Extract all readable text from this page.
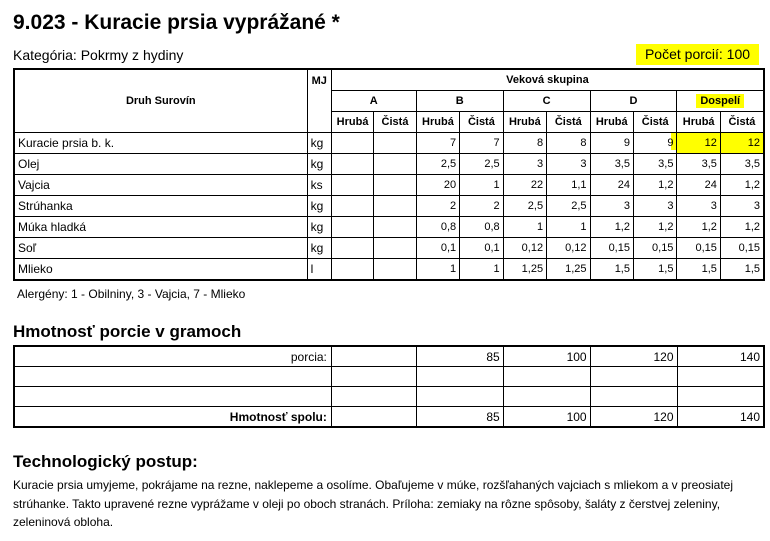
9.023 - Kuracie prsia vyprážané *
Kategória: Pokrmy z hydiny	Počet porcií: 100
Druh Surovín	MJ	Veková skupina									
		A		B		C		D		Dospelí	
		Hrubá	Čistá	Hrubá	Čistá	Hrubá	Čistá	Hrubá	Čistá	Hrubá	Čistá
Kuracie prsia b. k.	kg			7	7	8	8	9	9	12	12
Olej	kg			2,5	2,5	3	3	3,5	3,5	3,5	3,5
Vajcia	ks			20	1	22	1,1	24	1,2	24	1,2
Strúhanka	kg			2	2	2,5	2,5	3	3	3	3
Múka hladká	kg			0,8	0,8	1	1	1,2	1,2	1,2	1,2
Soľ	kg			0,1	0,1	0,12	0,12	0,15	0,15	0,15	0,15
Mlieko	l			1	1	1,25	1,25	1,5	1,5	1,5	1,5
Alergény: 1 - Obilniny, 3 - Vajcia, 7 - Mlieko
Hmotnosť porcie v gramoch
porcia:		85	100	120	140

Hmotnosť spolu:		85	100	120	140
Technologický postup:
Kuracie prsia umyjeme, pokrájame na rezne, naklepeme a osolíme. Obaľujeme v múke, rozšľahaných vajciach s mliekom a v preosiatej strúhanke. Takto upravené rezne vyprážame v oleji po oboch stranách. Príloha: zemiaky na rôzne spôsoby, šaláty z čerstvej zeleniny, zeleninová obloha.
